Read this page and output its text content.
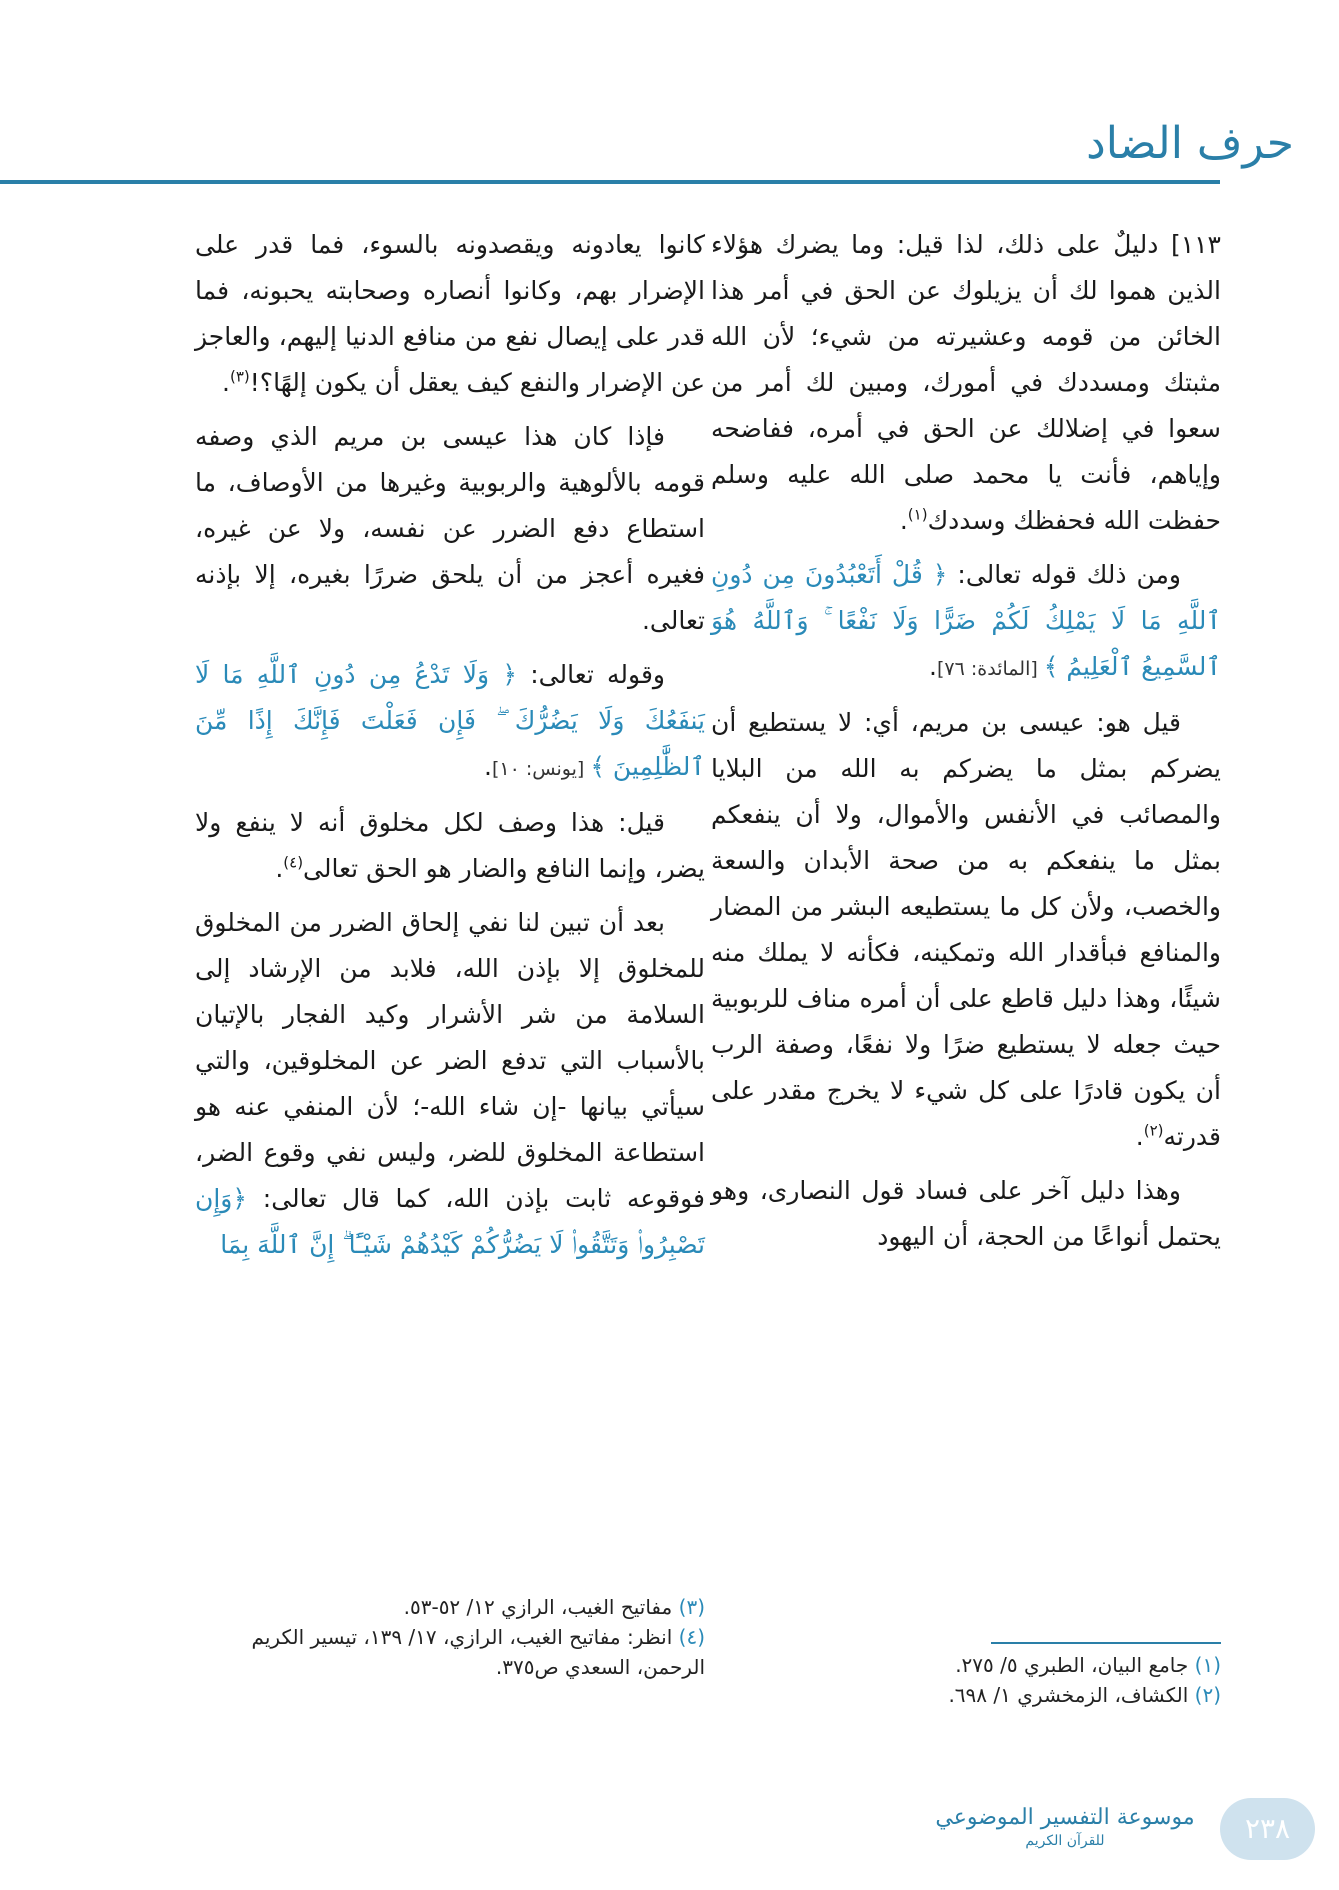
حرف الضاد

١١٣] دليلٌ على ذلك، لذا قيل: وما يضرك هؤلاء الذين هموا لك أن يزيلوك عن الحق في أمر هذا الخائن من قومه وعشيرته من شيء؛ لأن الله مثبتك ومسددك في أمورك، ومبين لك أمر من سعوا في إضلالك عن الحق في أمره، ففاضحه وإياهم، فأنت يا محمد صلى الله عليه وسلم حفظت الله فحفظك وسددك$^{(١)}$.

ومن ذلك قوله تعالى: ﴿ قُلْ أَتَعْبُدُونَ مِن دُونِ ٱللَّهِ مَا لَا يَمْلِكُ لَكُمْ ضَرًّا وَلَا نَفْعًا ۚ وَٱللَّهُ هُوَ ٱلسَّمِيعُ ٱلْعَلِيمُ ﴾ [المائدة: ٧٦].

قيل هو: عيسى بن مريم، أي: لا يستطيع أن يضركم بمثل ما يضركم به الله من البلايا والمصائب في الأنفس والأموال، ولا أن ينفعكم بمثل ما ينفعكم به من صحة الأبدان والسعة والخصب، ولأن كل ما يستطيعه البشر من المضار والمنافع فبأقدار الله وتمكينه، فكأنه لا يملك منه شيئًا، وهذا دليل قاطع على أن أمره مناف للربوبية حيث جعله لا يستطيع ضرًا ولا نفعًا، وصفة الرب أن يكون قادرًا على كل شيء لا يخرج مقدر على قدرته$^{(٢)}$.

وهذا دليل آخر على فساد قول النصارى، وهو يحتمل أنواعًا من الحجة، أن اليهود

كانوا يعادونه ويقصدونه بالسوء، فما قدر على الإضرار بهم، وكانوا أنصاره وصحابته يحبونه، فما قدر على إيصال نفع من منافع الدنيا إليهم، والعاجز عن الإضرار والنفع كيف يعقل أن يكون إلهًا؟!$^{(٣)}$.

فإذا كان هذا عيسى بن مريم الذي وصفه قومه بالألوهية والربوبية وغيرها من الأوصاف، ما استطاع دفع الضرر عن نفسه، ولا عن غيره، فغيره أعجز من أن يلحق ضررًا بغيره، إلا بإذنه تعالى.

وقوله تعالى: ﴿ وَلَا تَدْعُ مِن دُونِ ٱللَّهِ مَا لَا يَنفَعُكَ وَلَا يَضُرُّكَ ۖ فَإِن فَعَلْتَ فَإِنَّكَ إِذًا مِّنَ ٱلظَّٰلِمِينَ ﴾ [يونس: ١٠].

قيل: هذا وصف لكل مخلوق أنه لا ينفع ولا يضر، وإنما النافع والضار هو الحق تعالى$^{(٤)}$.

بعد أن تبين لنا نفي إلحاق الضرر من المخلوق للمخلوق إلا بإذن الله، فلابد من الإرشاد إلى السلامة من شر الأشرار وكيد الفجار بالإتيان بالأسباب التي تدفع الضر عن المخلوقين، والتي سيأتي بيانها -إن شاء الله-؛ لأن المنفي عنه هو استطاعة المخلوق للضر، وليس نفي وقوع الضر، فوقوعه ثابت بإذن الله، كما قال تعالى: ﴿وَإِن تَصْبِرُوا۟ وَتَتَّقُوا۟ لَا يَضُرُّكُمْ كَيْدُهُمْ شَيْـًٔا ۗ إِنَّ ٱللَّهَ بِمَا

(١) جامع البيان، الطبري ٥/ ٢٧٥.
(٢) الكشاف، الزمخشري ١/ ٦٩٨.
(٣) مفاتيح الغيب، الرازي ١٢/ ٥٢-٥٣.
(٤) انظر: مفاتيح الغيب، الرازي، ١٧/ ١٣٩، تيسير الكريم الرحمن، السعدي ص٣٧٥.
موسوعة التفسير الموضوعي
للقرآن الكريم	٢٣٨
